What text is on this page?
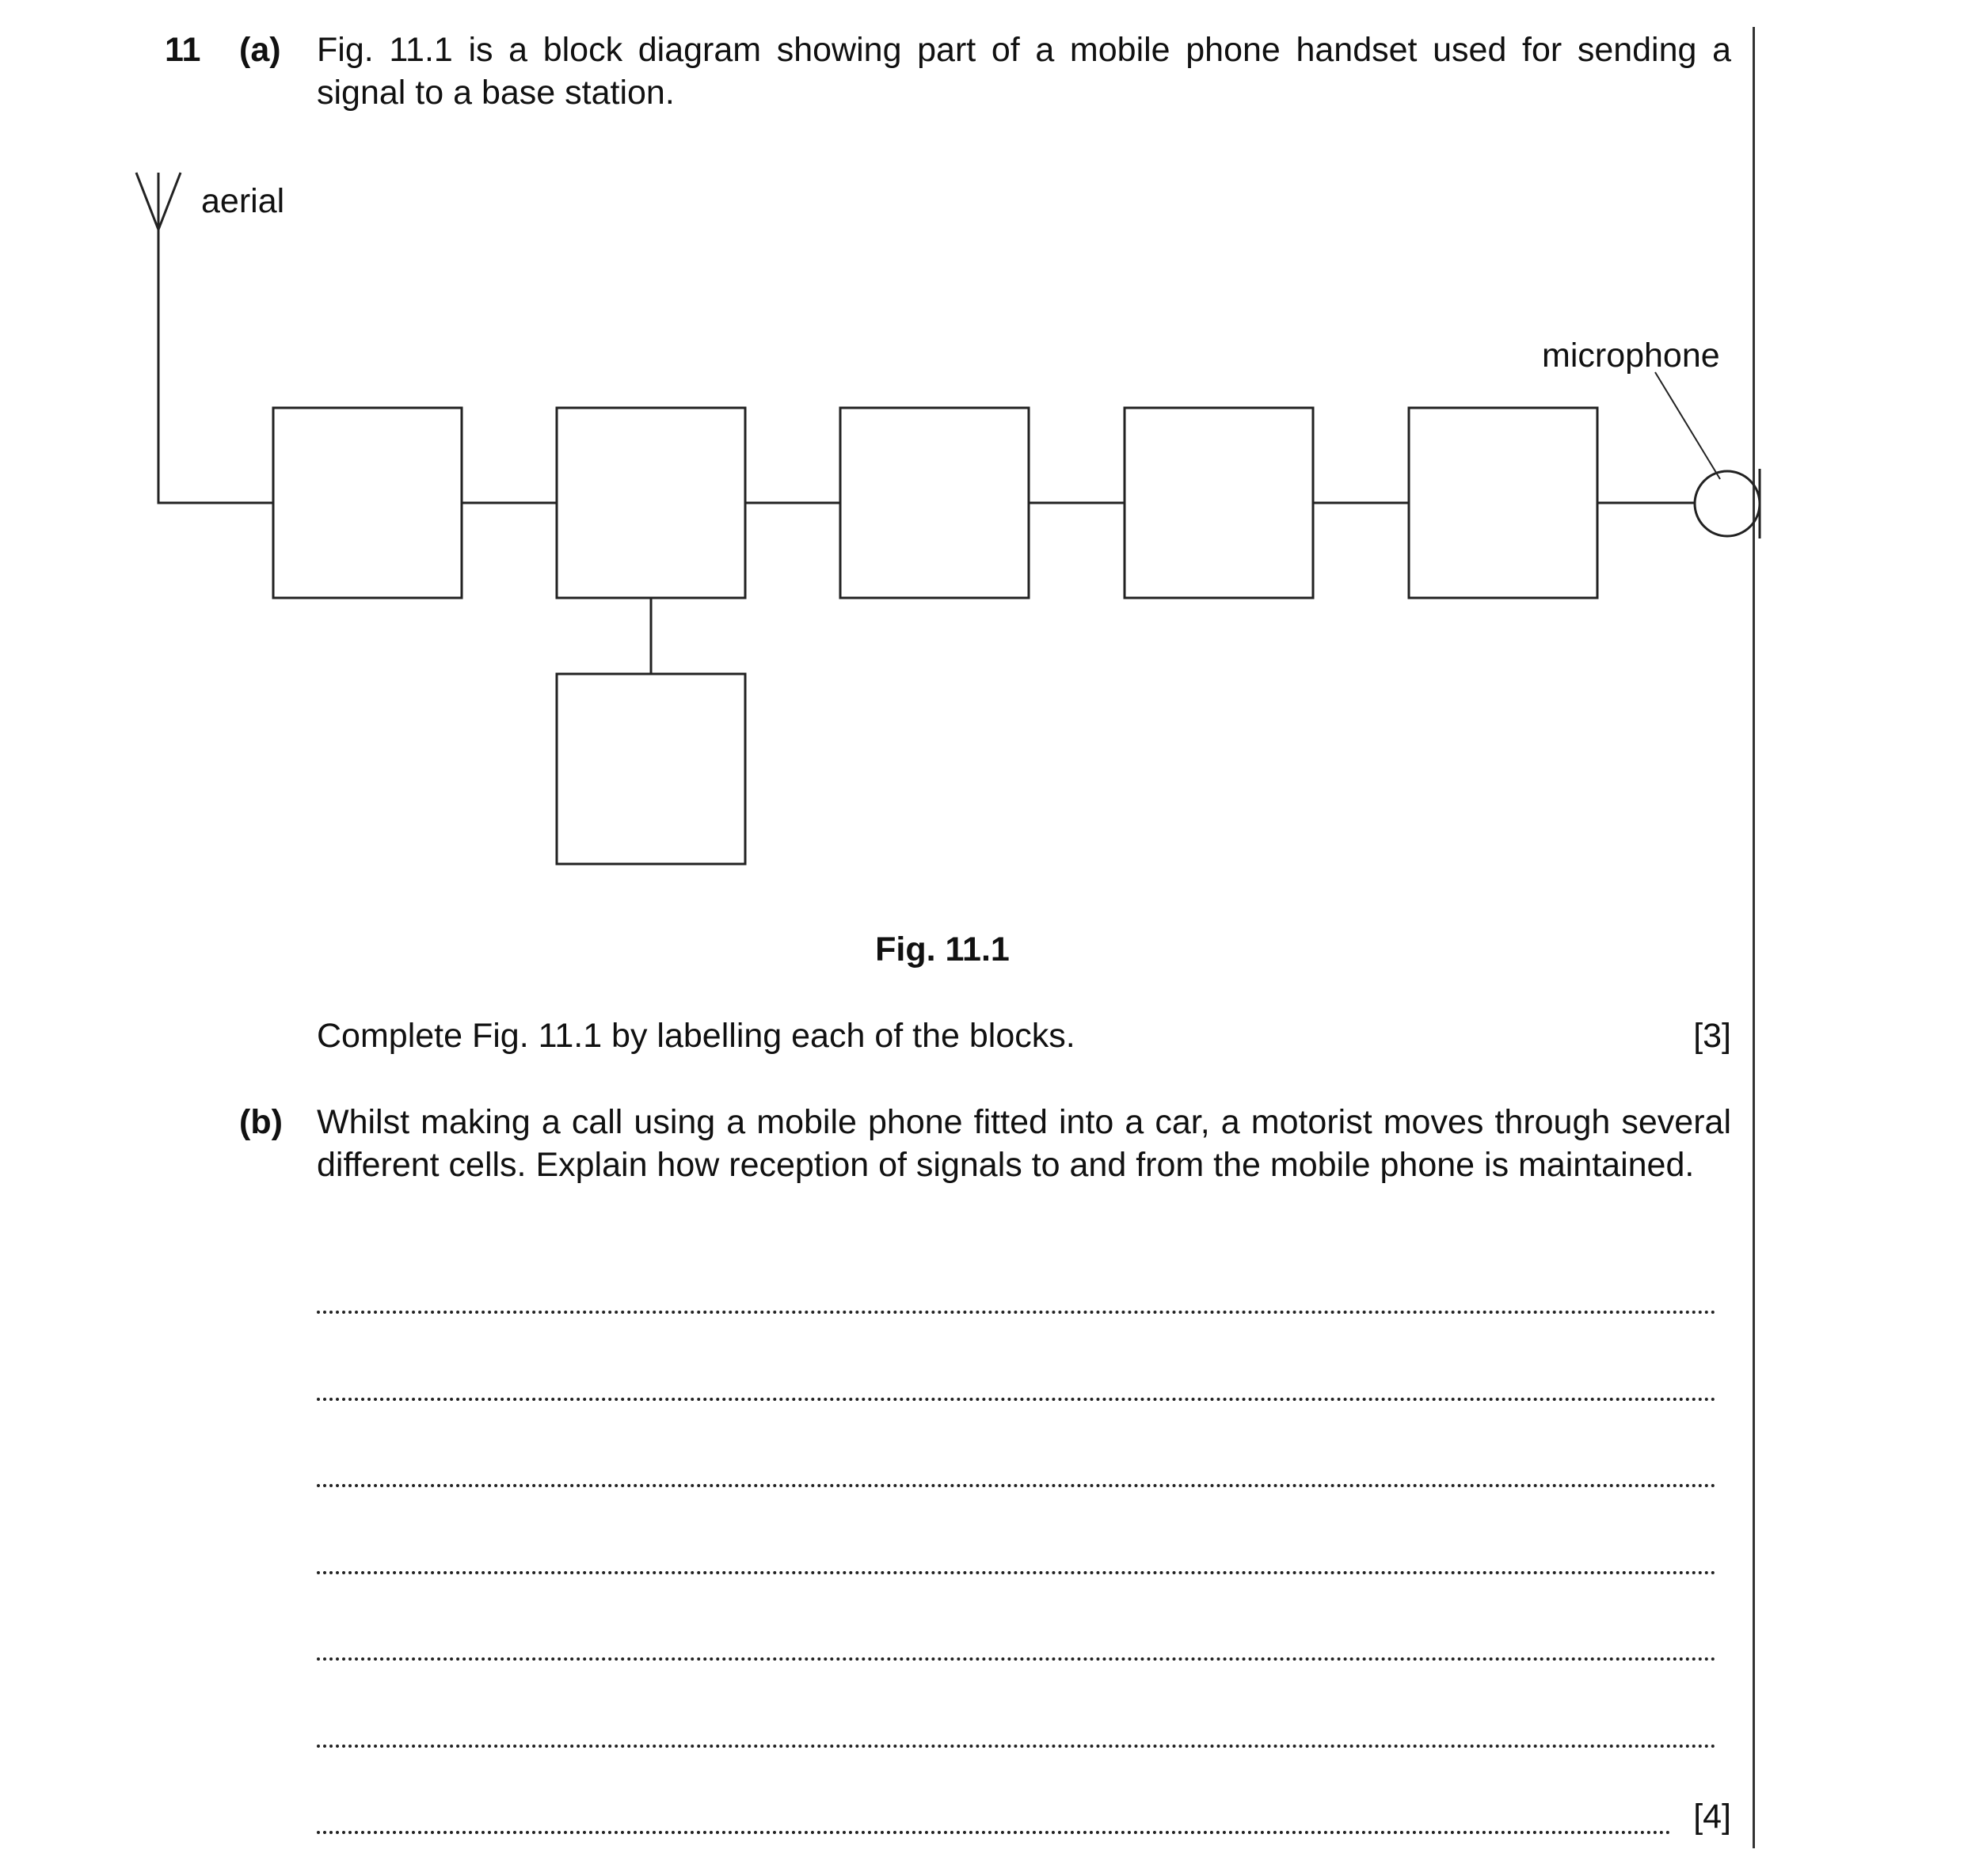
11 (a) Fig. 11.1 is a block diagram showing part of a mobile phone handset used for sending a signal to a base station.
aerial
microphone
Fig. 11.1
Complete Fig. 11.1 by labelling each of the blocks.	[3]
(b) Whilst making a call using a mobile phone fitted into a car, a motorist moves through several different cells. Explain how reception of signals to and from the mobile phone is maintained.
[4]
